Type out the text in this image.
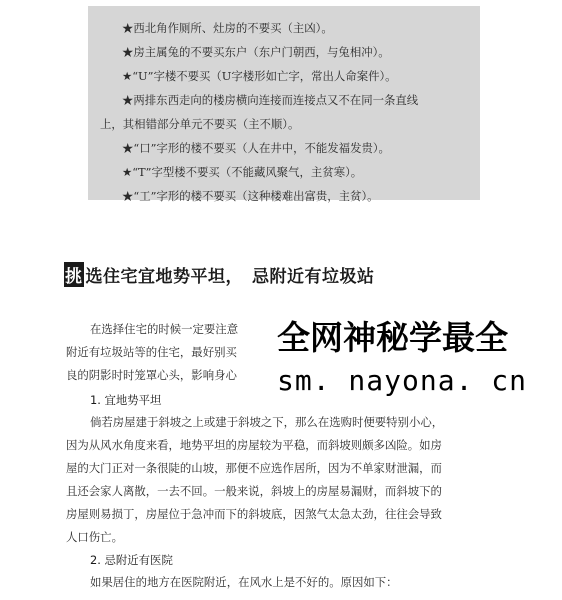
★西北角作厕所、灶房的不要买（主凶）。
★房主属兔的不要买东户（东户门朝西，与兔相冲）。
★“U”字楼不要买（U字楼形如亡字，常出人命案件）。
★两排东西走向的楼房横向连接而连接点又不在同一条直线
上，其相错部分单元不要买（主不顺）。
★“口”字形的楼不要买（人在井中，不能发福发贵）。
★“T”字型楼不要买（不能藏风聚气，主贫寒）。
★“工”字形的楼不要买（这种楼难出富贵，主贫）。
挑 选住宅宜地势平坦，　忌附近有垃圾站
在选择住宅的时候一定要注意
附近有垃圾站等的住宅，最好别买
良的阴影时时笼罩心头，影响身心
1. 宜地势平坦
倘若房屋建于斜坡之上或建于斜坡之下，那么在选购时便要特别小心，
因为从风水角度来看，地势平坦的房屋较为平稳，而斜坡则颇多凶险。如房
屋的大门正对一条很陡的山坡，那便不应选作居所，因为不单家财泄漏，而
且还会家人离散，一去不回。一般来说，斜坡上的房屋易漏财，而斜坡下的
房屋则易损丁，房屋位于急冲而下的斜坡底，因煞气太急太劲，往往会导致
人口伤亡。
2. 忌附近有医院
如果居住的地方在医院附近，在风水上是不好的。原因如下：
全网神秘学最全
sm. nayona. cn
